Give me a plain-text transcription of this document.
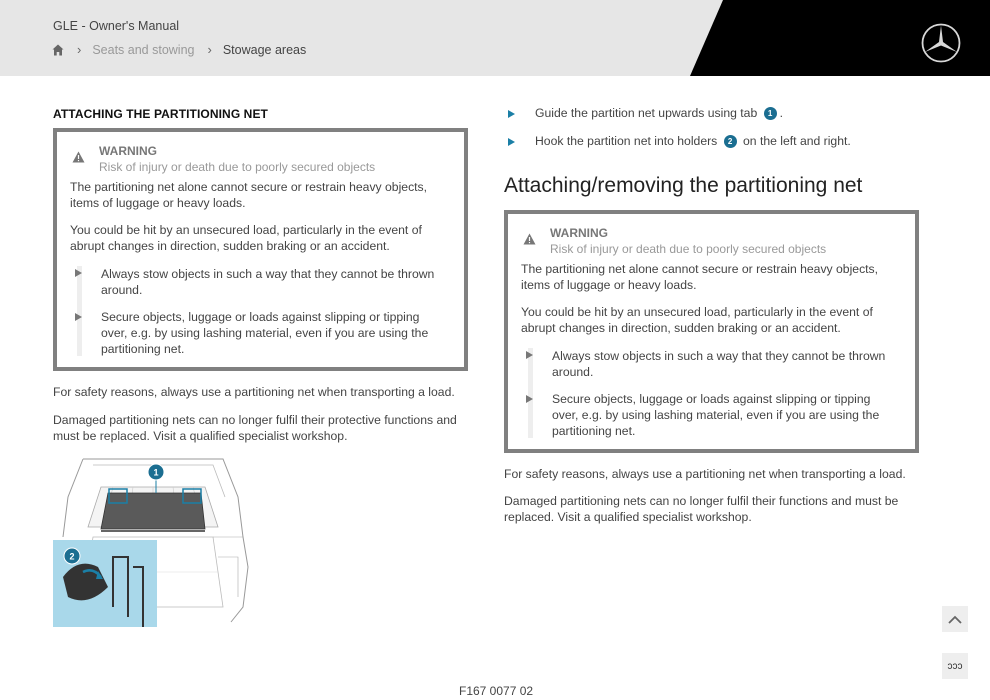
GLE - Owner's Manual
› Seats and stowing › Stowage areas
ATTACHING THE PARTITIONING NET
WARNING
Risk of injury or death due to poorly secured objects
The partitioning net alone cannot secure or restrain heavy objects,
items of luggage or heavy loads.
You could be hit by an unsecured load, particularly in the event of
abrupt changes in direction, sudden braking or an accident.
Always stow objects in such a way that they cannot be thrown
around.
Secure objects, luggage or loads against slipping or tipping
over, e.g. by using lashing material, even if you are using the
partitioning net.
For safety reasons, always use a partitioning net when transporting a load.
Damaged partitioning nets can no longer fulfil their protective functions and
must be replaced. Visit a qualified specialist workshop.
1
2
Guide the partition net upwards using tab
	1 .
Hook the partition net into holders
	2
on the left and right.
Attaching/removing the partitioning net
WARNING
Risk of injury or death due to poorly secured objects
The partitioning net alone cannot secure or restrain heavy objects,
items of luggage or heavy loads.
You could be hit by an unsecured load, particularly in the event of
abrupt changes in direction, sudden braking or an accident.
Always stow objects in such a way that they cannot be thrown
around.
Secure objects, luggage or loads against slipping or tipping
over, e.g. by using lashing material, even if you are using the
partitioning net.
For safety reasons, always use a partitioning net when transporting a load.
Damaged partitioning nets can no longer fulfil their functions and must be
replaced. Visit a qualified specialist workshop.
F167 0077 02
ɔɔɔ
